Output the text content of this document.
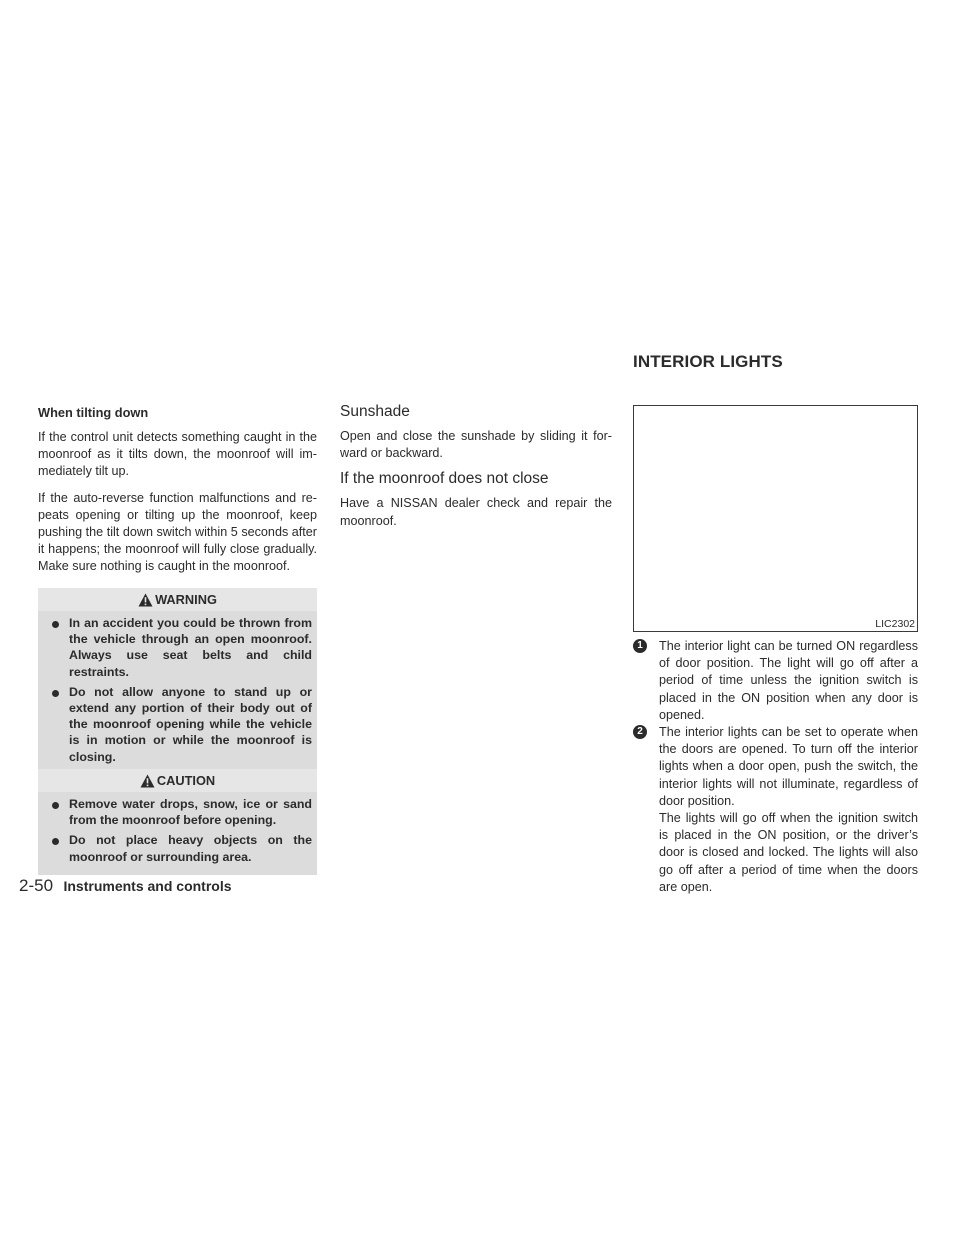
INTERIOR LIGHTS

When tilting down

If the control unit detects something caught in the moonroof as it tilts down, the moonroof will immediately tilt up.

If the auto-reverse function malfunctions and repeats opening or tilting up the moonroof, keep pushing the tilt down switch within 5 seconds after it happens; the moonroof will fully close gradually. Make sure nothing is caught in the moonroof.

WARNING
In an accident you could be thrown from the vehicle through an open moonroof. Always use seat belts and child restraints.
Do not allow anyone to stand up or extend any portion of their body out of the moonroof opening while the vehicle is in motion or while the moonroof is closing.
CAUTION
Remove water drops, snow, ice or sand from the moonroof before opening.
Do not place heavy objects on the moonroof or surrounding area.

Sunshade

Open and close the sunshade by sliding it forward or backward.

If the moonroof does not close

Have a NISSAN dealer check and repair the moonroof.

LIC2302
1	The interior light can be turned ON regardless of door position. The light will go off after a period of time unless the ignition switch is placed in the ON position when any door is opened.

2	The interior lights can be set to operate when the doors are opened. To turn off the interior lights when a door open, push the switch, the interior lights will not illuminate, regardless of door position.

The lights will go off when the ignition switch is placed in the ON position, or the driver’s door is closed and locked. The lights will also go off after a period of time when the doors are open.

2-50 Instruments and controls
